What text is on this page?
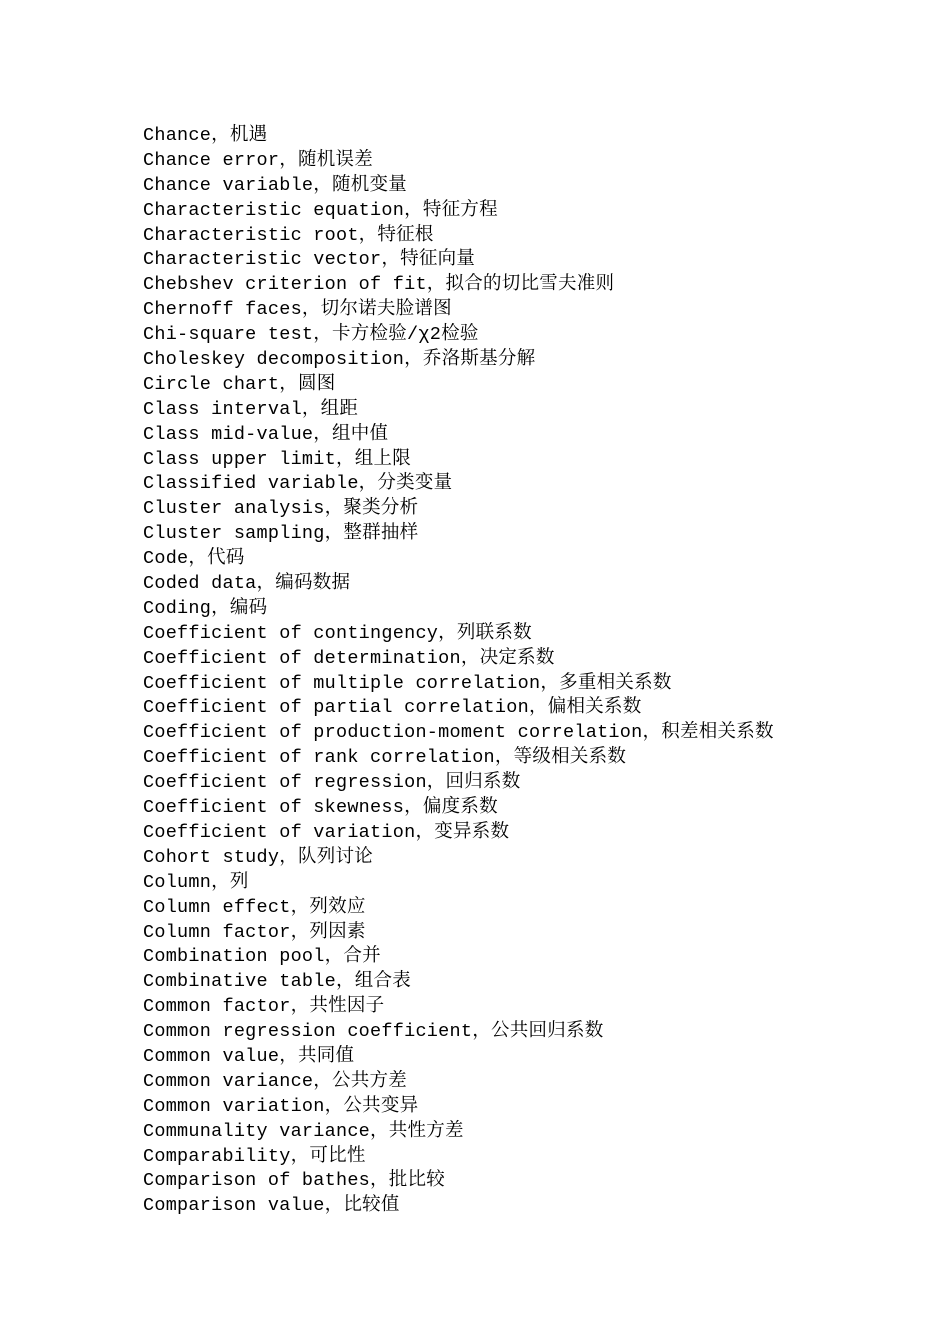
Chance，机遇
Chance error，随机误差
Chance variable，随机变量
Characteristic equation，特征方程
Characteristic root，特征根
Characteristic vector，特征向量
Chebshev criterion of fit，拟合的切比雪夫准则
Chernoff faces，切尔诺夫脸谱图
Chi-square test，卡方检验/χ2检验
Choleskey decomposition，乔洛斯基分解
Circle chart，圆图
Class interval，组距
Class mid-value，组中值
Class upper limit，组上限
Classified variable，分类变量
Cluster analysis，聚类分析
Cluster sampling，整群抽样
Code，代码
Coded data，编码数据
Coding，编码
Coefficient of contingency，列联系数
Coefficient of determination，决定系数
Coefficient of multiple correlation，多重相关系数
Coefficient of partial correlation，偏相关系数
Coefficient of production-moment correlation，积差相关系数
Coefficient of rank correlation，等级相关系数
Coefficient of regression，回归系数
Coefficient of skewness，偏度系数
Coefficient of variation，变异系数
Cohort study，队列讨论
Column，列
Column effect，列效应
Column factor，列因素
Combination pool，合并
Combinative table，组合表
Common factor，共性因子
Common regression coefficient，公共回归系数
Common value，共同值
Common variance，公共方差
Common variation，公共变异
Communality variance，共性方差
Comparability，可比性
Comparison of bathes，批比较
Comparison value，比较值
